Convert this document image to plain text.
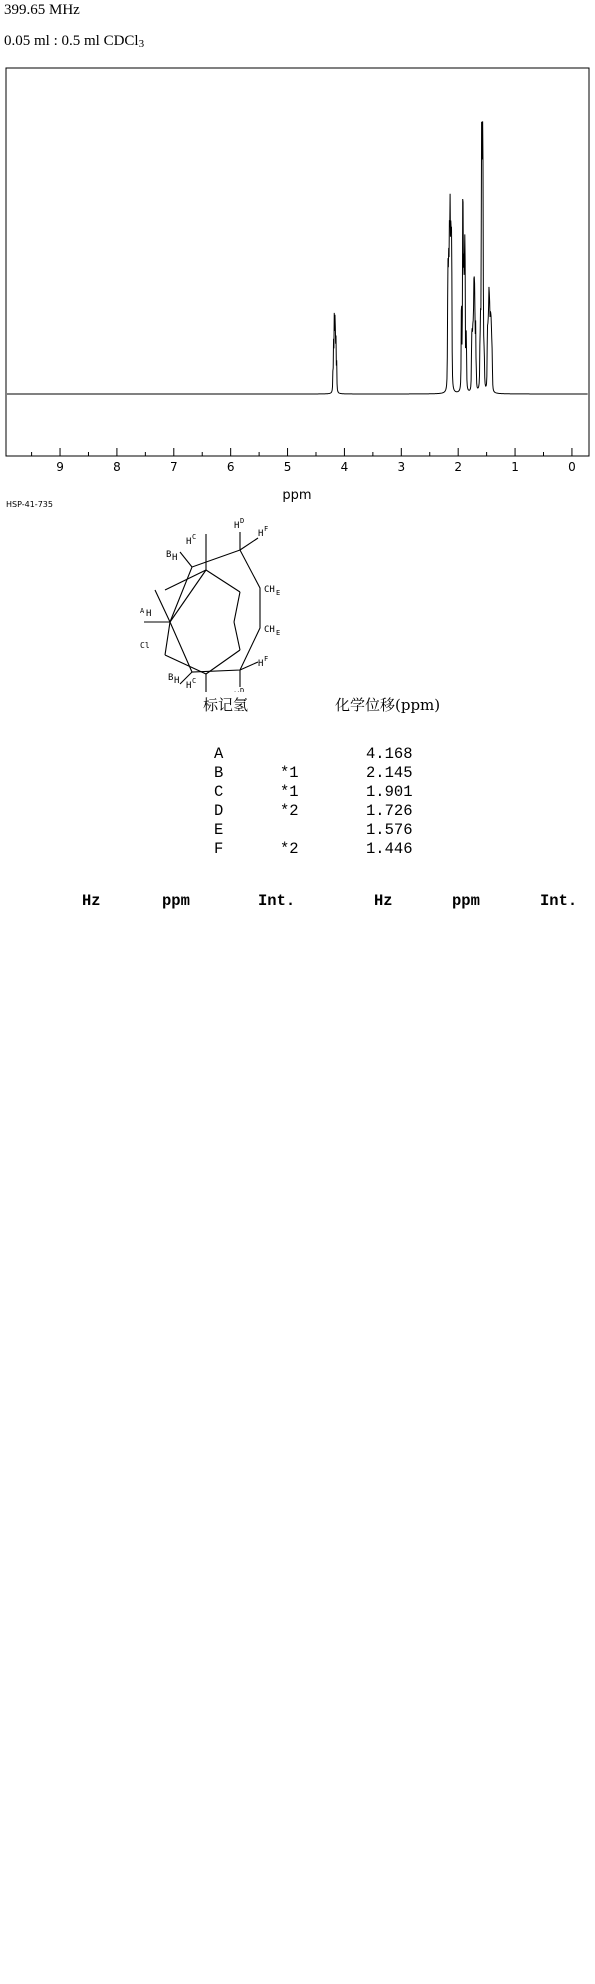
399.65 MHz
0.05 ml : 0.5 ml CDCl$_3$
9	8	7	6	5	4	3	2	1	0
ppm
HSP-41-735
B H
H C
H D
H F
A H
Cl
CH E
CH E
B H H C
D
H F
标记氢	化学位移(ppm)
A	4.168
B	*1	2.145
C	*1	1.901
D	*2	1.726
E	1.576
F	*2	1.446
Hz	ppm	Int.	Hz	ppm	Int.
